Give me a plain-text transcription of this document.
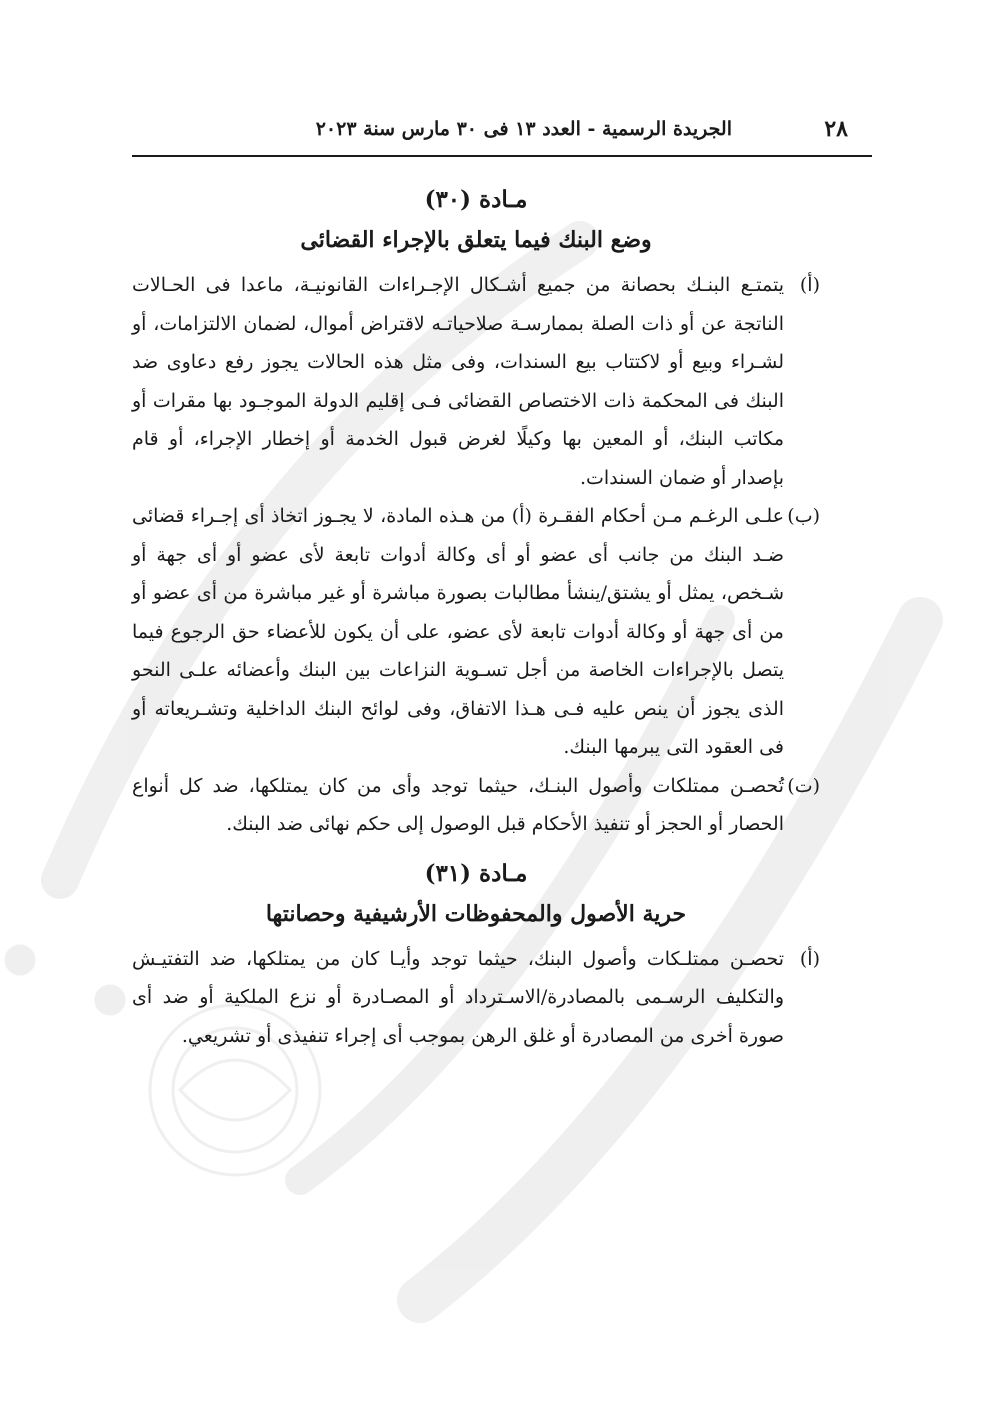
٢٨
الجريدة الرسمية - العدد ١٣ فى ٣٠ مارس سنة ٢٠٢٣
مـادة (٣٠)
وضع البنك فيما يتعلق بالإجراء القضائى
(أ)
يتمتـع البنـك بحصانة من جميع أشـكال الإجـراءات القانونيـة، ماعدا فى الحـالات الناتجة عن أو ذات الصلة بممارسـة صلاحياتـه لاقتراض أموال، لضمان الالتزامات، أو لشـراء وبيع أو لاكتتاب بيع السندات، وفى مثل هذه الحالات يجوز رفع دعاوى ضد البنك فى المحكمة ذات الاختصاص القضائى فـى إقليم الدولة الموجـود بها مقرات أو مكاتب البنك، أو المعين بها وكيلًا لغرض قبول الخدمة أو إخطار الإجراء، أو قام بإصدار أو ضمان السندات.
(ب)
علـى الرغـم مـن أحكام الفقـرة (أ) من هـذه المادة، لا يجـوز اتخاذ أى إجـراء قضائى ضـد البنك من جانب أى عضو أو أى وكالة أدوات تابعة لأى عضو أو أى جهة أو شـخص، يمثل أو يشتق/ينشأ مطالبات بصورة مباشرة أو غير مباشرة من أى عضو أو من أى جهة أو وكالة أدوات تابعة لأى عضو، على أن يكون للأعضاء حق الرجوع فيما يتصل بالإجراءات الخاصة من أجل تسـوية النزاعات بين البنك وأعضائه علـى النحو الذى يجوز أن ينص عليه فـى هـذا الاتفاق، وفى لوائح البنك الداخلية وتشـريعاته أو فى العقود التى يبرمها البنك.
(ت)
تُحصـن ممتلكات وأصول البنـك، حيثما توجد وأى من كان يمتلكها، ضد كل أنواع الحصار أو الحجز أو تنفيذ الأحكام قبل الوصول إلى حكم نهائى ضد البنك.
مـادة (٣١)
حرية الأصول والمحفوظات الأرشيفية وحصانتها
(أ)
تحصـن ممتلـكات وأصول البنك، حيثما توجد وأيـا كان من يمتلكها، ضد التفتيـش والتكليف الرسـمى بالمصادرة/الاسـترداد أو المصـادرة أو نزع الملكية أو ضد أى صورة أخرى من المصادرة أو غلق الرهن بموجب أى إجراء تنفيذى أو تشريعي.
